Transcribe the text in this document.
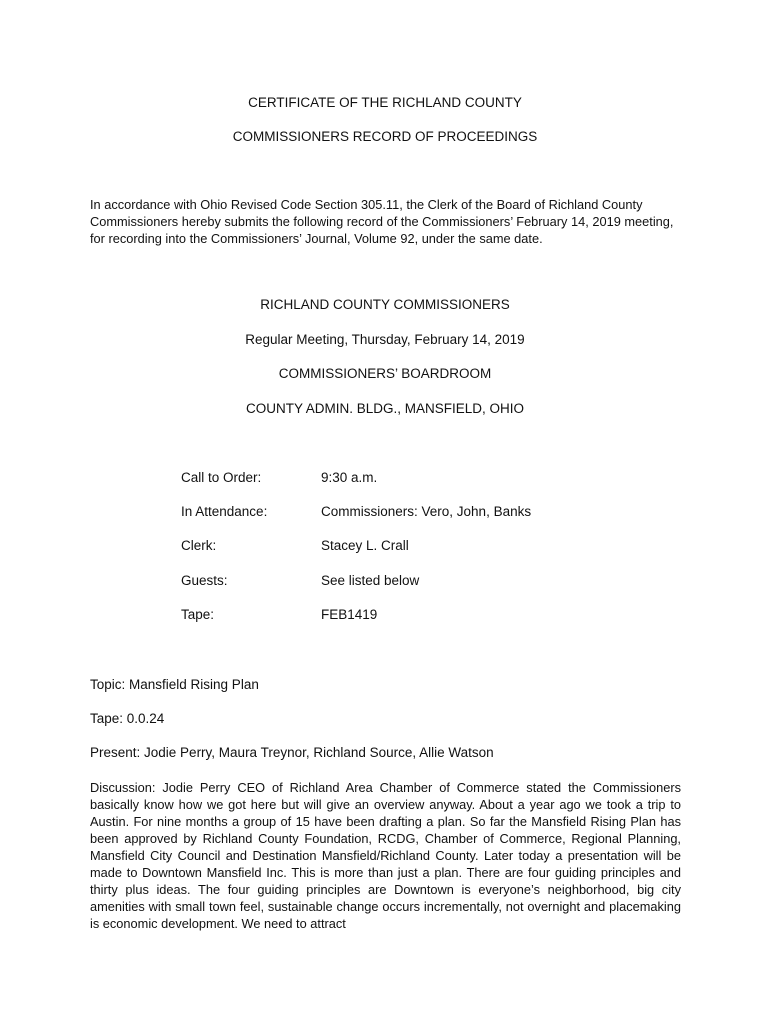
CERTIFICATE OF THE RICHLAND COUNTY
COMMISSIONERS RECORD OF PROCEEDINGS
In accordance with Ohio Revised Code Section 305.11, the Clerk of the Board of Richland County Commissioners hereby submits the following record of the Commissioners’ February 14, 2019 meeting, for recording into the Commissioners’ Journal, Volume 92, under the same date.
RICHLAND COUNTY COMMISSIONERS
Regular Meeting, Thursday, February 14, 2019
COMMISSIONERS’ BOARDROOM
COUNTY ADMIN. BLDG., MANSFIELD, OHIO
Call to Order:	9:30 a.m.
In Attendance:	Commissioners: Vero, John, Banks
Clerk:	Stacey L. Crall
Guests:	See listed below
Tape:	FEB1419
Topic: Mansfield Rising Plan
Tape: 0.0.24
Present: Jodie Perry, Maura Treynor, Richland Source, Allie Watson
Discussion: Jodie Perry CEO of Richland Area Chamber of Commerce stated the Commissioners basically know how we got here but will give an overview anyway. About a year ago we took a trip to Austin. For nine months a group of 15 have been drafting a plan. So far the Mansfield Rising Plan has been approved by Richland County Foundation, RCDG, Chamber of Commerce, Regional Planning, Mansfield City Council and Destination Mansfield/Richland County. Later today a presentation will be made to Downtown Mansfield Inc. This is more than just a plan. There are four guiding principles and thirty plus ideas. The four guiding principles are Downtown is everyone’s neighborhood, big city amenities with small town feel, sustainable change occurs incrementally, not overnight and placemaking is economic development. We need to attract
